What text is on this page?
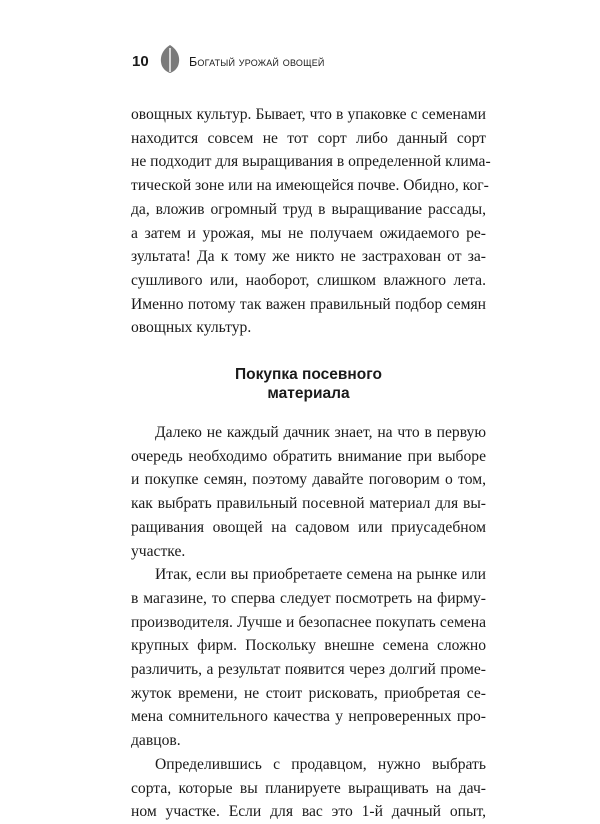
10	Богатый урожай овощей

овощных культур. Бывает, что в упаковке с семенами
находится совсем не тот сорт либо данный сорт
не подходит для выращивания в определенной клима-
тической зоне или на имеющейся почве. Обидно, ког-
да, вложив огромный труд в выращивание рассады,
а затем и урожая, мы не получаем ожидаемого ре-
зультата! Да к тому же никто не застрахован от за-
сушливого или, наоборот, слишком влажного лета.
Именно потому так важен правильный подбор семян
овощных культур.

Покупка посевного
материала

Далеко не каждый дачник знает, на что в первую
очередь необходимо обратить внимание при выборе
и покупке семян, поэтому давайте поговорим о том,
как выбрать правильный посевной материал для вы-
ращивания овощей на садовом или приусадебном
участке.

Итак, если вы приобретаете семена на рынке или
в магазине, то сперва следует посмотреть на фирму-
производителя. Лучше и безопаснее покупать семена
крупных фирм. Поскольку внешне семена сложно
различить, а результат появится через долгий проме-
жуток времени, не стоит рисковать, приобретая се-
мена сомнительного качества у непроверенных про-
давцов.

Определившись с продавцом, нужно выбрать
сорта, которые вы планируете выращивать на дач-
ном участке. Если для вас это 1-й дачный опыт,
